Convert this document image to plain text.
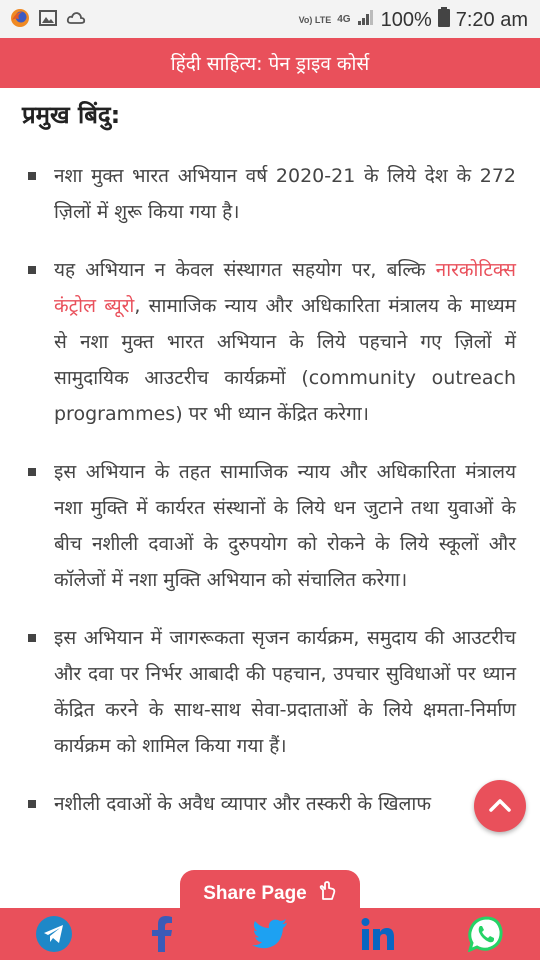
Vo) LTE 4G 100% 7:20 am
हिंदी साहित्य: पेन ड्राइव कोर्स
प्रमुख बिंदु:
नशा मुक्त भारत अभियान वर्ष 2020-21 के लिये देश के 272 ज़िलों में शुरू किया गया है।
यह अभियान न केवल संस्थागत सहयोग पर, बल्कि नारकोटिक्स कंट्रोल ब्यूरो, सामाजिक न्याय और अधिकारिता मंत्रालय के माध्यम से नशा मुक्त भारत अभियान के लिये पहचाने गए ज़िलों में सामुदायिक आउटरीच कार्यक्रमों (community outreach programmes) पर भी ध्यान केंद्रित करेगा।
इस अभियान के तहत सामाजिक न्याय और अधिकारिता मंत्रालय नशा मुक्ति में कार्यरत संस्थानों के लिये धन जुटाने तथा युवाओं के बीच नशीली दवाओं के दुरुपयोग को रोकने के लिये स्कूलों और कॉलेजों में नशा मुक्ति अभियान को संचालित करेगा।
इस अभियान में जागरूकता सृजन कार्यक्रम, समुदाय की आउटरीच और दवा पर निर्भर आबादी की पहचान, उपचार सुविधाओं पर ध्यान केंद्रित करने के साथ-साथ सेवा-प्रदाताओं के लिये क्षमता-निर्माण कार्यक्रम को शामिल किया गया हैं।
नशीली दवाओं के अवैध व्यापार और तस्करी के खिलाफ
Share Page
